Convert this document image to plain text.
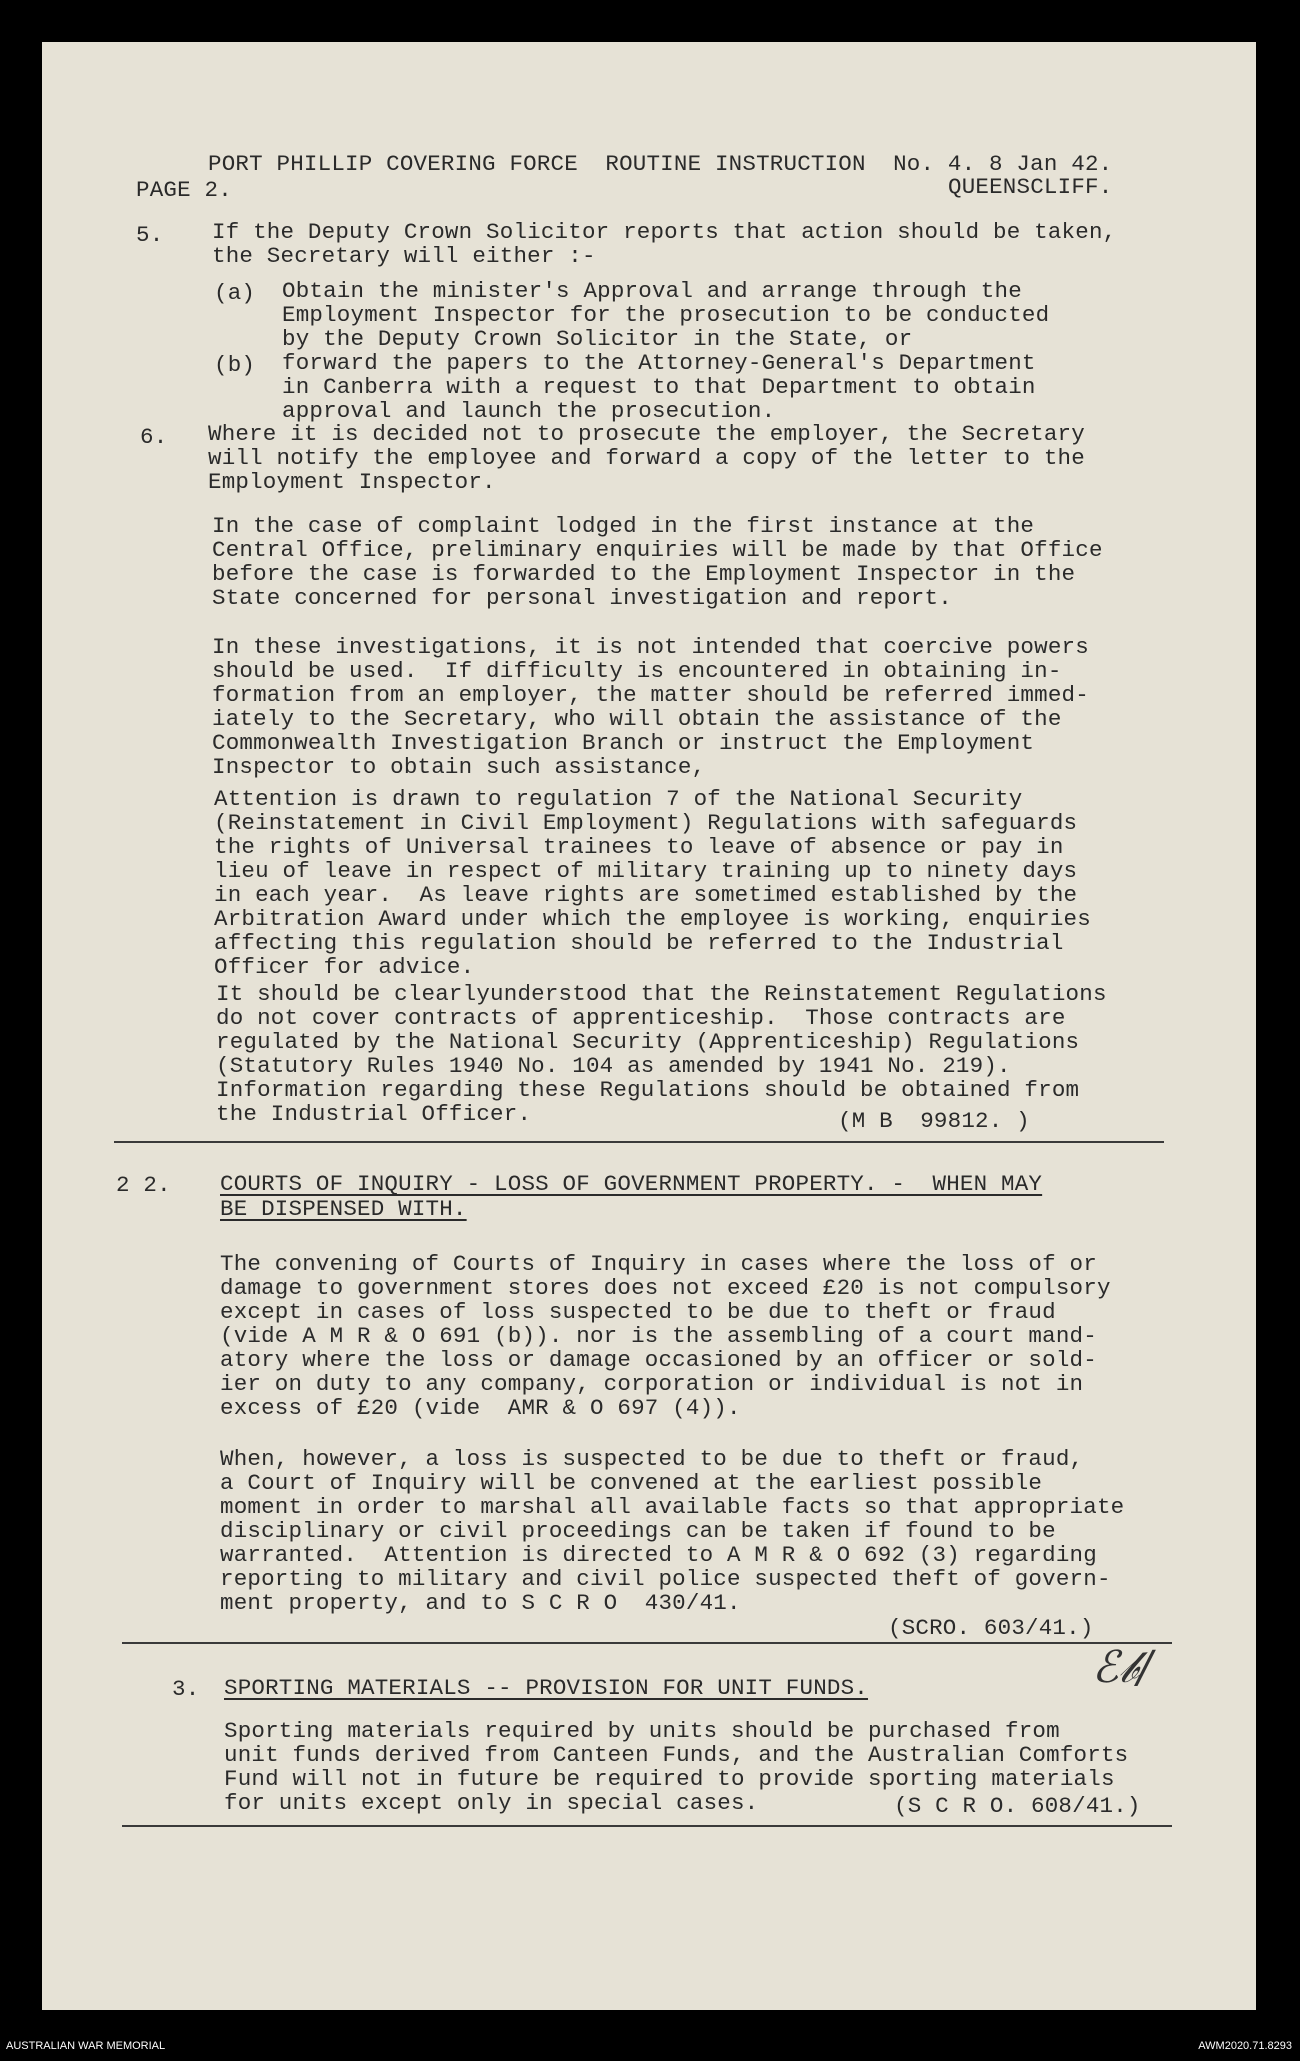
PORT PHILLIP COVERING FORCE  ROUTINE INSTRUCTION  No. 4. 8 Jan 42.
PAGE 2.	QUEENSCLIFF.
5. If the Deputy Crown Solicitor reports that action should be taken,
the Secretary will either :-
(a) Obtain the minister's Approval and arrange through the
Employment Inspector for the prosecution to be conducted
by the Deputy Crown Solicitor in the State, or
(b) forward the papers to the Attorney-General's Department
in Canberra with a request to that Department to obtain
approval and launch the prosecution.
6. Where it is decided not to prosecute the employer, the Secretary
will notify the employee and forward a copy of the letter to the
Employment Inspector.
In the case of complaint lodged in the first instance at the
Central Office, preliminary enquiries will be made by that Office
before the case is forwarded to the Employment Inspector in the
State concerned for personal investigation and report.
In these investigations, it is not intended that coercive powers
should be used.  If difficulty is encountered in obtaining in-
formation from an employer, the matter should be referred immed-
iately to the Secretary, who will obtain the assistance of the
Commonwealth Investigation Branch or instruct the Employment
Inspector to obtain such assistance,
Attention is drawn to regulation 7 of the National Security
(Reinstatement in Civil Employment) Regulations with safeguards
the rights of Universal trainees to leave of absence or pay in
lieu of leave in respect of military training up to ninety days
in each year.  As leave rights are sometimed established by the
Arbitration Award under which the employee is working, enquiries
affecting this regulation should be referred to the Industrial
Officer for advice.
It should be clearlyunderstood that the Reinstatement Regulations
do not cover contracts of apprenticeship.  Those contracts are
regulated by the National Security (Apprenticeship) Regulations
(Statutory Rules 1940 No. 104 as amended by 1941 No. 219).
Information regarding these Regulations should be obtained from
the Industrial Officer.	(M B  99812. )
2 2. COURTS OF INQUIRY - LOSS OF GOVERNMENT PROPERTY. -  WHEN MAY
BE DISPENSED WITH.
The convening of Courts of Inquiry in cases where the loss of or
damage to government stores does not exceed £20 is not compulsory
except in cases of loss suspected to be due to theft or fraud
(vide A M R & O 691 (b)). nor is the assembling of a court mand-
atory where the loss or damage occasioned by an officer or sold-
ier on duty to any company, corporation or individual is not in
excess of £20 (vide  AMR & O 697 (4)).
When, however, a loss is suspected to be due to theft or fraud,
a Court of Inquiry will be convened at the earliest possible
moment in order to marshal all available facts so that appropriate
disciplinary or civil proceedings can be taken if found to be
warranted.  Attention is directed to A M R & O 692 (3) regarding
reporting to military and civil police suspected theft of govern-
ment property, and to S C R O  430/41.
(SCRO. 603/41.)
3. SPORTING MATERIALS -- PROVISION FOR UNIT FUNDS.	ℰ𝒷/
Sporting materials required by units should be purchased from
unit funds derived from Canteen Funds, and the Australian Comforts
Fund will not in future be required to provide sporting materials
for units except only in special cases.	(S C R O. 608/41.)
AUSTRALIAN WAR MEMORIAL	AWM2020.71.8293
